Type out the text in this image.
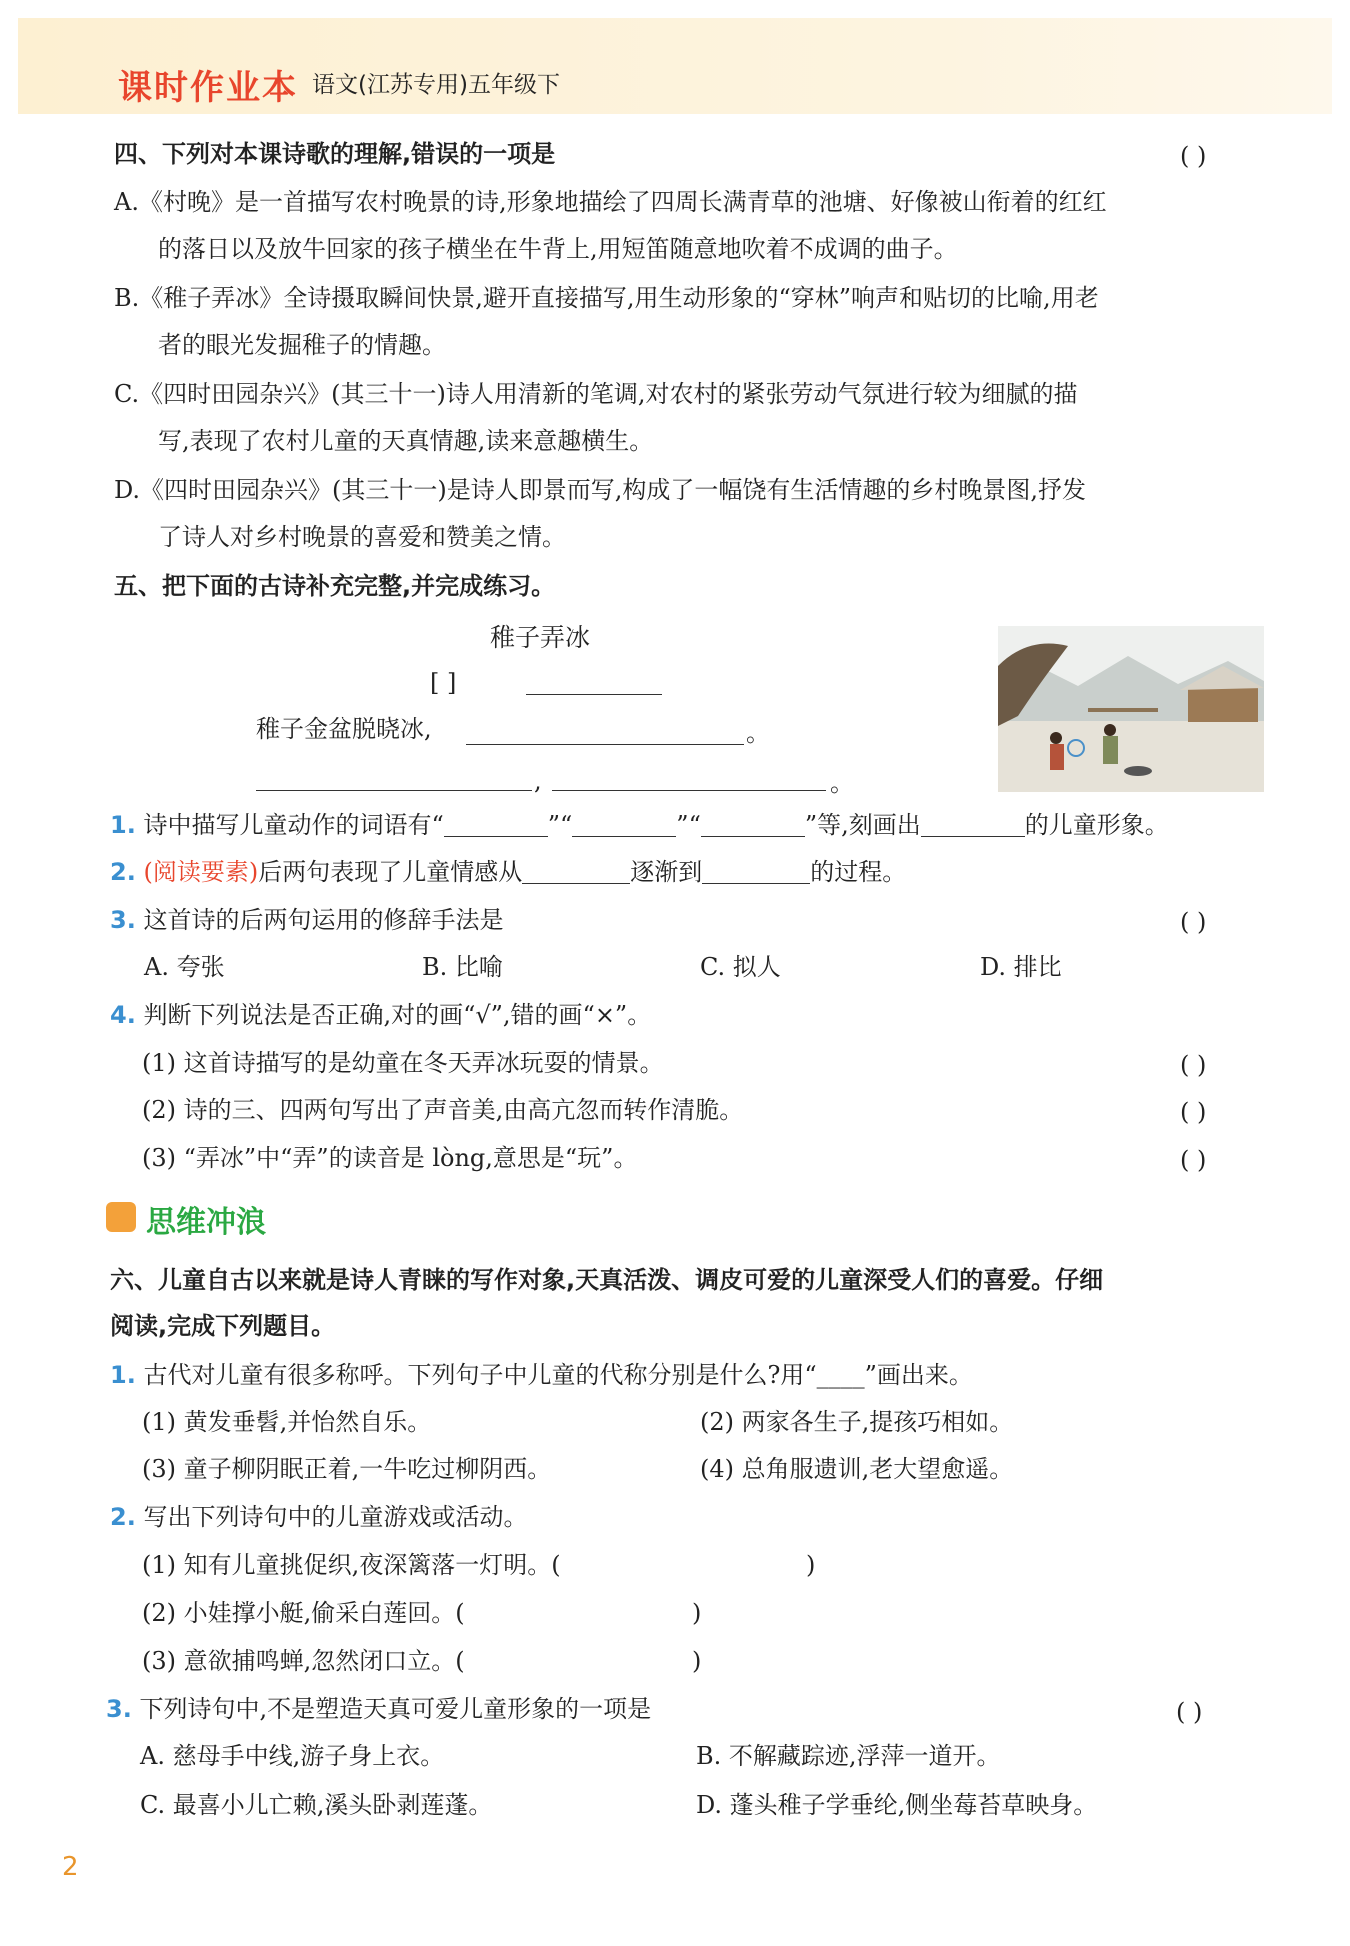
课时作业本 语文(江苏专用)五年级下
四、下列对本课诗歌的理解,错误的一项是	( )
A.《村晚》是一首描写农村晚景的诗,形象地描绘了四周长满青草的池塘、好像被山衔着的红红
的落日以及放牛回家的孩子横坐在牛背上,用短笛随意地吹着不成调的曲子。
B.《稚子弄冰》全诗摄取瞬间快景,避开直接描写,用生动形象的“穿林”响声和贴切的比喻,用老
者的眼光发掘稚子的情趣。
C.《四时田园杂兴》(其三十一)诗人用清新的笔调,对农村的紧张劳动气氛进行较为细腻的描
写,表现了农村儿童的天真情趣,读来意趣横生。
D.《四时田园杂兴》(其三十一)是诗人即景而写,构成了一幅饶有生活情趣的乡村晚景图,抒发
了诗人对乡村晚景的喜爱和赞美之情。
五、把下面的古诗补充完整,并完成练习。
稚子弄冰
[ ]
稚子金盆脱晓冰,	。
,	。
1. 诗中描写儿童动作的词语有“	”“	”“	”等,刻画出	的儿童形象。
2. (阅读要素)后两句表现了儿童情感从	逐渐到	的过程。
3. 这首诗的后两句运用的修辞手法是	( )
A. 夸张	B. 比喻	C. 拟人	D. 排比
4. 判断下列说法是否正确,对的画“√”,错的画“×”。
(1) 这首诗描写的是幼童在冬天弄冰玩耍的情景。	( )
(2) 诗的三、四两句写出了声音美,由高亢忽而转作清脆。	( )
(3) “弄冰”中“弄”的读音是 lòng,意思是“玩”。	( )
思维冲浪
六、儿童自古以来就是诗人青睐的写作对象,天真活泼、调皮可爱的儿童深受人们的喜爱。仔细
阅读,完成下列题目。
1. 古代对儿童有很多称呼。下列句子中儿童的代称分别是什么?用“____”画出来。
(1) 黄发垂髫,并怡然自乐。	(2) 两家各生子,提孩巧相如。
(3) 童子柳阴眠正着,一牛吃过柳阴西。	(4) 总角服遗训,老大望愈遥。
2. 写出下列诗句中的儿童游戏或活动。
(1) 知有儿童挑促织,夜深篱落一灯明。(	)
(2) 小娃撑小艇,偷采白莲回。(	)
(3) 意欲捕鸣蝉,忽然闭口立。(	)
3. 下列诗句中,不是塑造天真可爱儿童形象的一项是	( )
A. 慈母手中线,游子身上衣。	B. 不解藏踪迹,浮萍一道开。
C. 最喜小儿亡赖,溪头卧剥莲蓬。	D. 蓬头稚子学垂纶,侧坐莓苔草映身。
2
